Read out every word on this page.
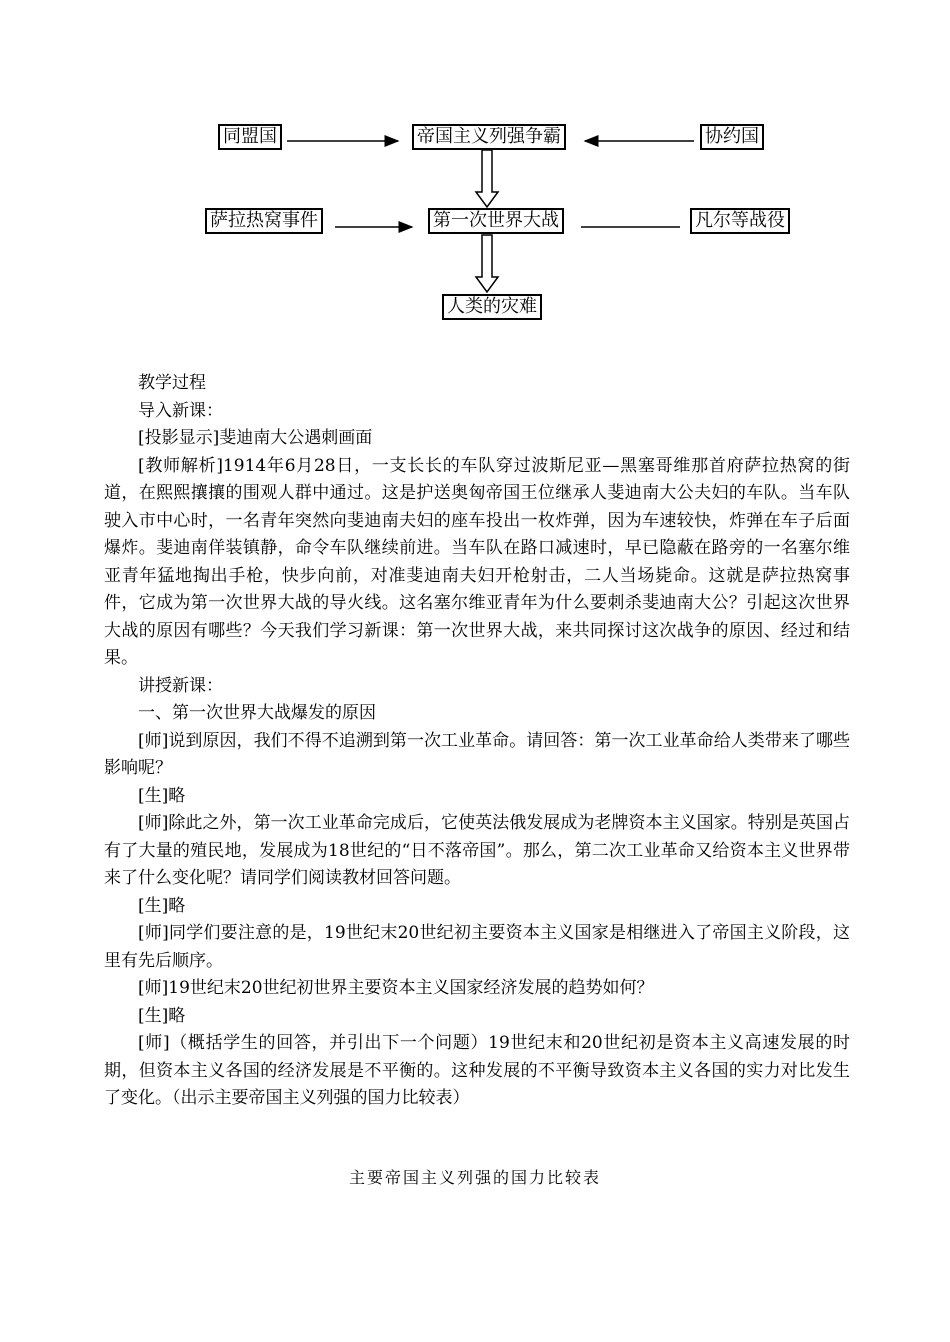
同盟国	帝国主义列强争霸	协约国
萨拉热窝事件	第一次世界大战	凡尔等战役
人类的灾难

教学过程

导入新课：

[投影显示]斐迪南大公遇刺画面

[教师解析]1914年6月28日，一支长长的车队穿过波斯尼亚—黑塞哥维那首府萨拉热窝的街道，在熙熙攘攘的围观人群中通过。这是护送奥匈帝国王位继承人斐迪南大公夫妇的车队。当车队驶入市中心时，一名青年突然向斐迪南夫妇的座车投出一枚炸弹，因为车速较快，炸弹在车子后面爆炸。斐迪南佯装镇静，命令车队继续前进。当车队在路口减速时，早已隐蔽在路旁的一名塞尔维亚青年猛地掏出手枪，快步向前，对准斐迪南夫妇开枪射击，二人当场毙命。这就是萨拉热窝事件，它成为第一次世界大战的导火线。这名塞尔维亚青年为什么要刺杀斐迪南大公？引起这次世界大战的原因有哪些？今天我们学习新课：第一次世界大战，来共同探讨这次战争的原因、经过和结果。

讲授新课：

一、第一次世界大战爆发的原因

[师]说到原因，我们不得不追溯到第一次工业革命。请回答：第一次工业革命给人类带来了哪些影响呢？

[生]略

[师]除此之外，第一次工业革命完成后，它使英法俄发展成为老牌资本主义国家。特别是英国占有了大量的殖民地，发展成为18世纪的“日不落帝国”。那么，第二次工业革命又给资本主义世界带来了什么变化呢？请同学们阅读教材回答问题。

[生]略

[师]同学们要注意的是，19世纪末20世纪初主要资本主义国家是相继进入了帝国主义阶段，这里有先后顺序。

[师]19世纪末20世纪初世界主要资本主义国家经济发展的趋势如何？

[生]略

[师]（概括学生的回答，并引出下一个问题）19世纪末和20世纪初是资本主义高速发展的时期，但资本主义各国的经济发展是不平衡的。这种发展的不平衡导致资本主义各国的实力对比发生了变化。（出示主要帝国主义列强的国力比较表）

主要帝国主义列强的国力比较表
